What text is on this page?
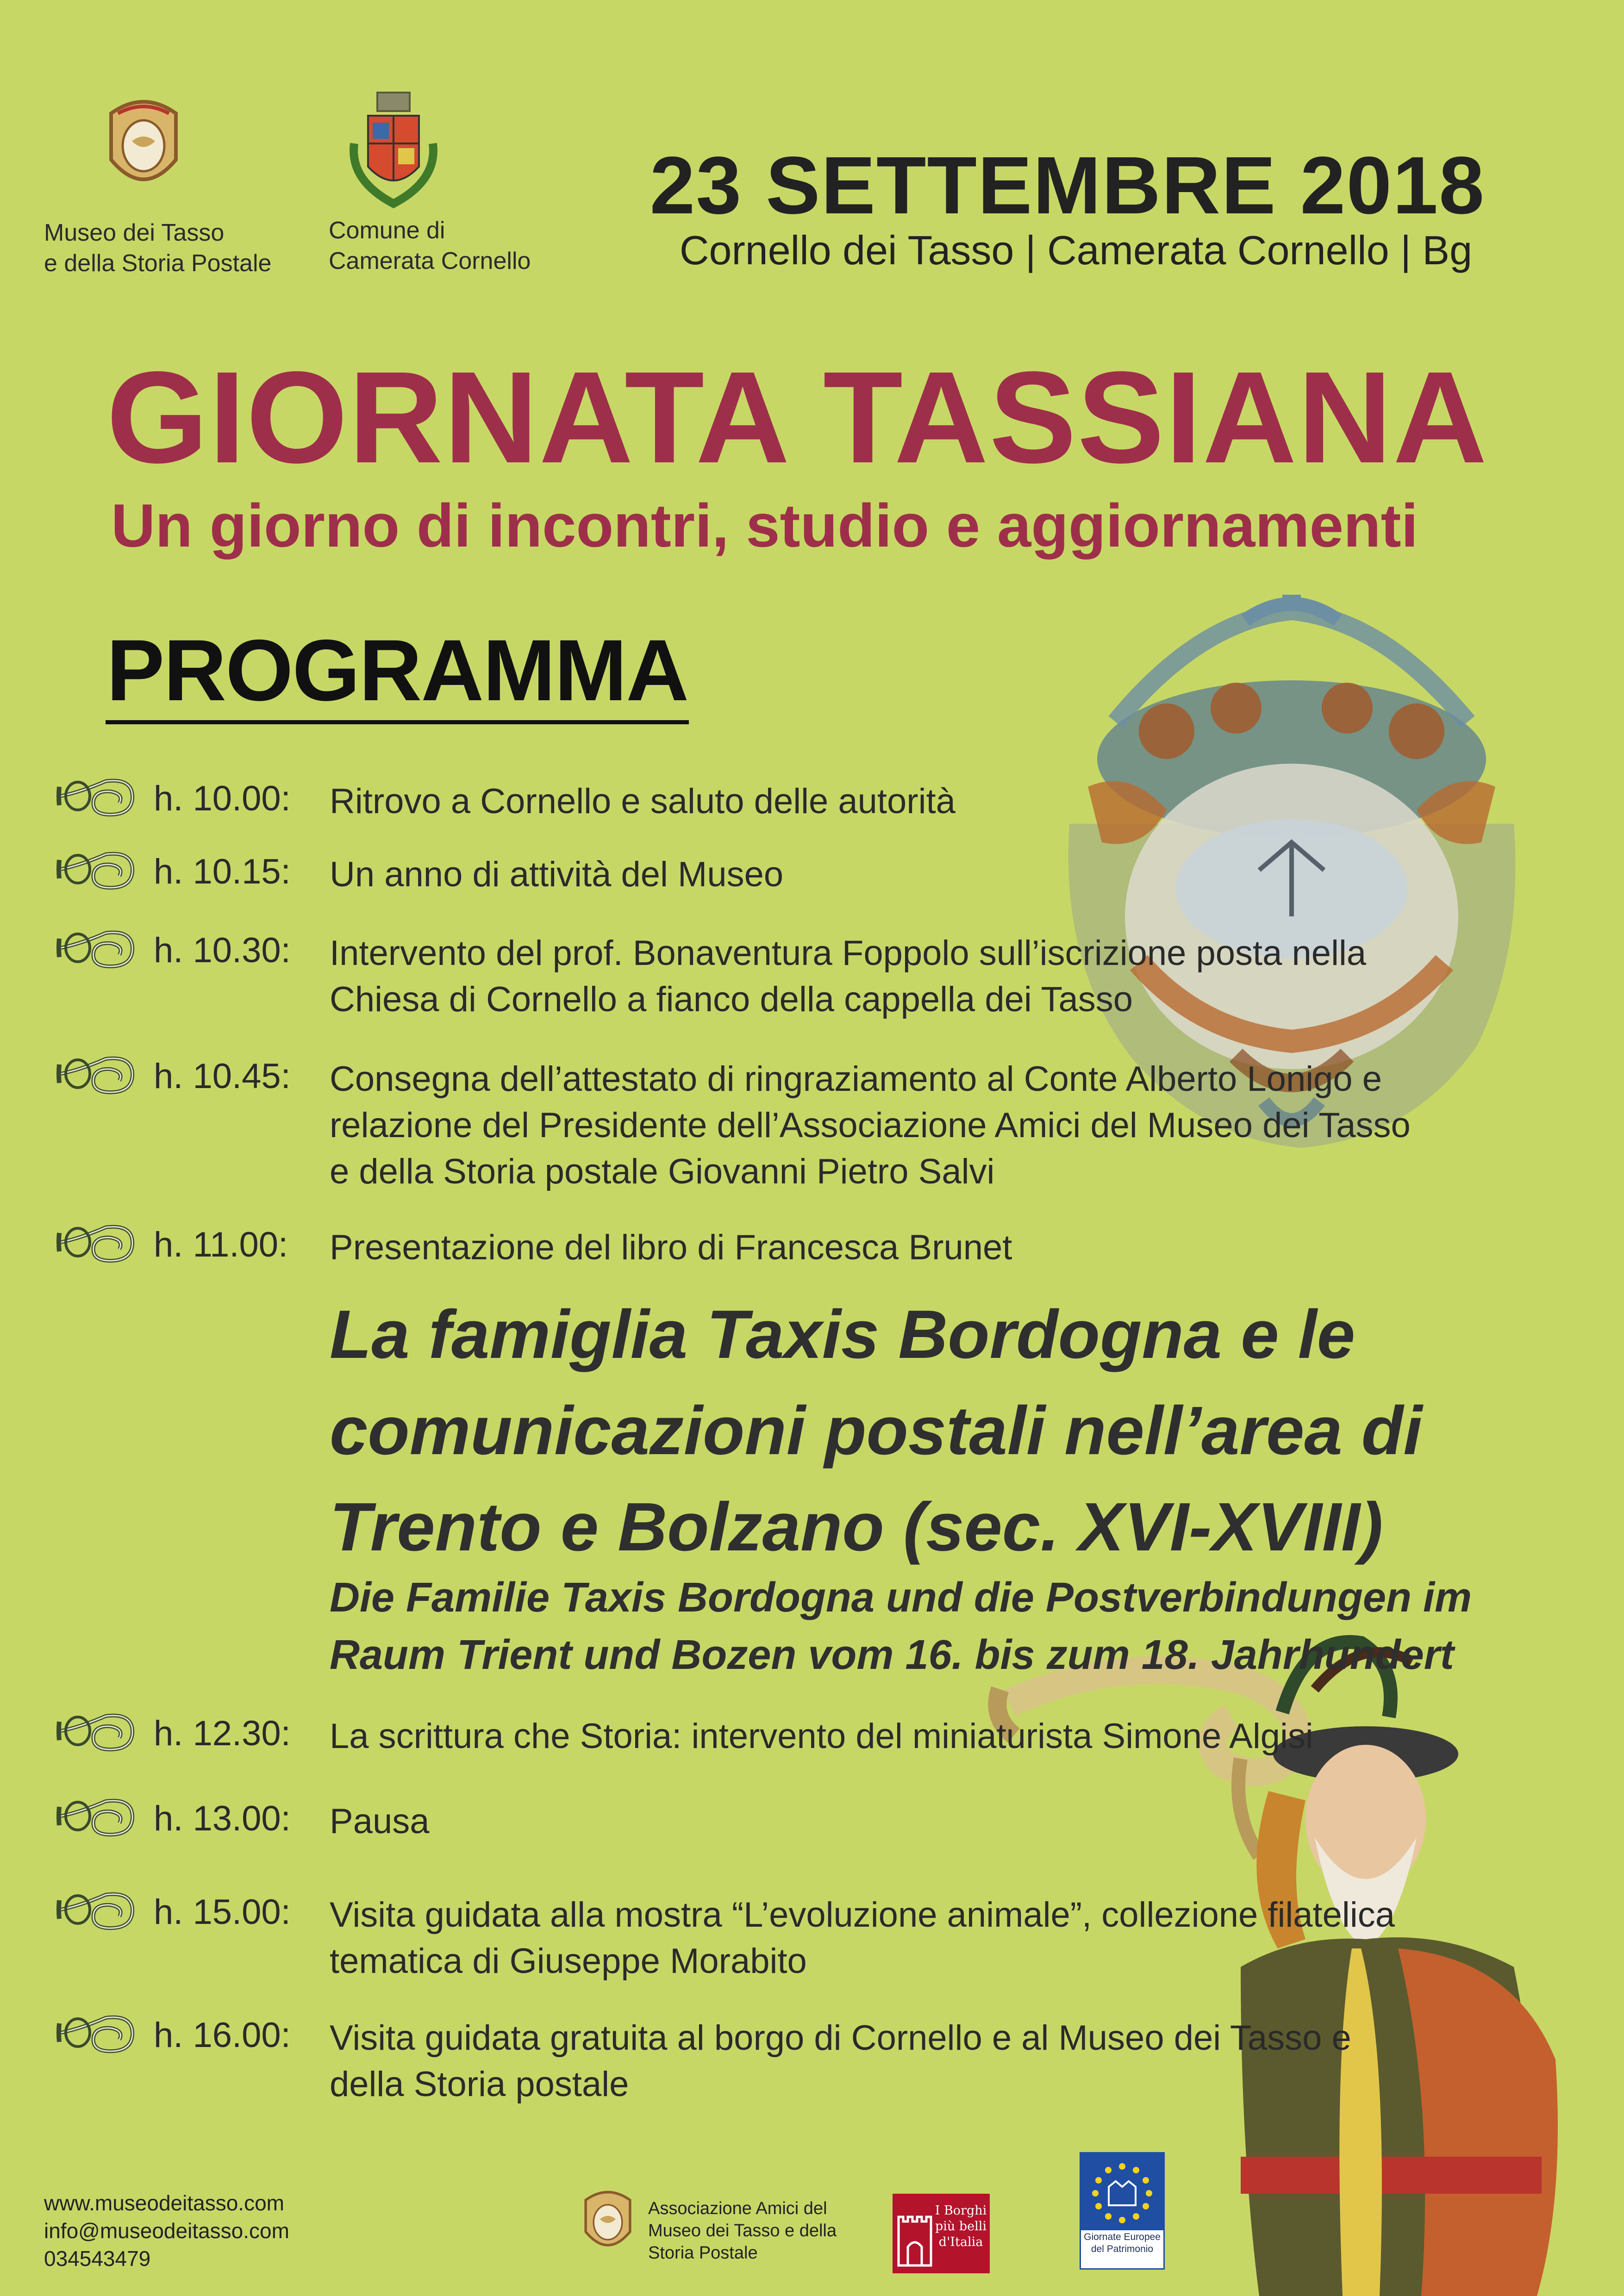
Museo dei Tasso
e della Storia Postale
Comune di
Camerata Cornello
23 SETTEMBRE 2018
Cornello dei Tasso | Camerata Cornello | Bg
GIORNATA TASSIANA
Un giorno di incontri, studio e aggiornamenti
PROGRAMMA
h. 10.00: Ritrovo a Cornello e saluto delle autorità
h. 10.15: Un anno di attività del Museo
h. 10.30: Intervento del prof. Bonaventura Foppolo sull’iscrizione posta nella
Chiesa di Cornello a fianco della cappella dei Tasso
h. 10.45: Consegna dell’attestato di ringraziamento al Conte Alberto Lonigo e
relazione del Presidente dell’Associazione Amici del Museo dei Tasso
e della Storia postale Giovanni Pietro Salvi
h. 11.00: Presentazione del libro di Francesca Brunet
La famiglia Taxis Bordogna e le
comunicazioni postali nell’area di
Trento e Bolzano (sec. XVI-XVIII)
Die Familie Taxis Bordogna und die Postverbindungen im
Raum Trient und Bozen vom 16. bis zum 18. Jahrhundert
h. 12.30: La scrittura che Storia: intervento del miniaturista Simone Algisi
h. 13.00: Pausa
h. 15.00: Visita guidata alla mostra “L’evoluzione animale”, collezione filatelica
tematica di Giuseppe Morabito
h. 16.00: Visita guidata gratuita al borgo di Cornello e al Museo dei Tasso e
della Storia postale
www.museodeitasso.com
info@museodeitasso.com
034543479
Associazione Amici del
Museo dei Tasso e della
Storia Postale
I Borghi
più belli
d'Italia	Giornate Europee
del Patrimonio
